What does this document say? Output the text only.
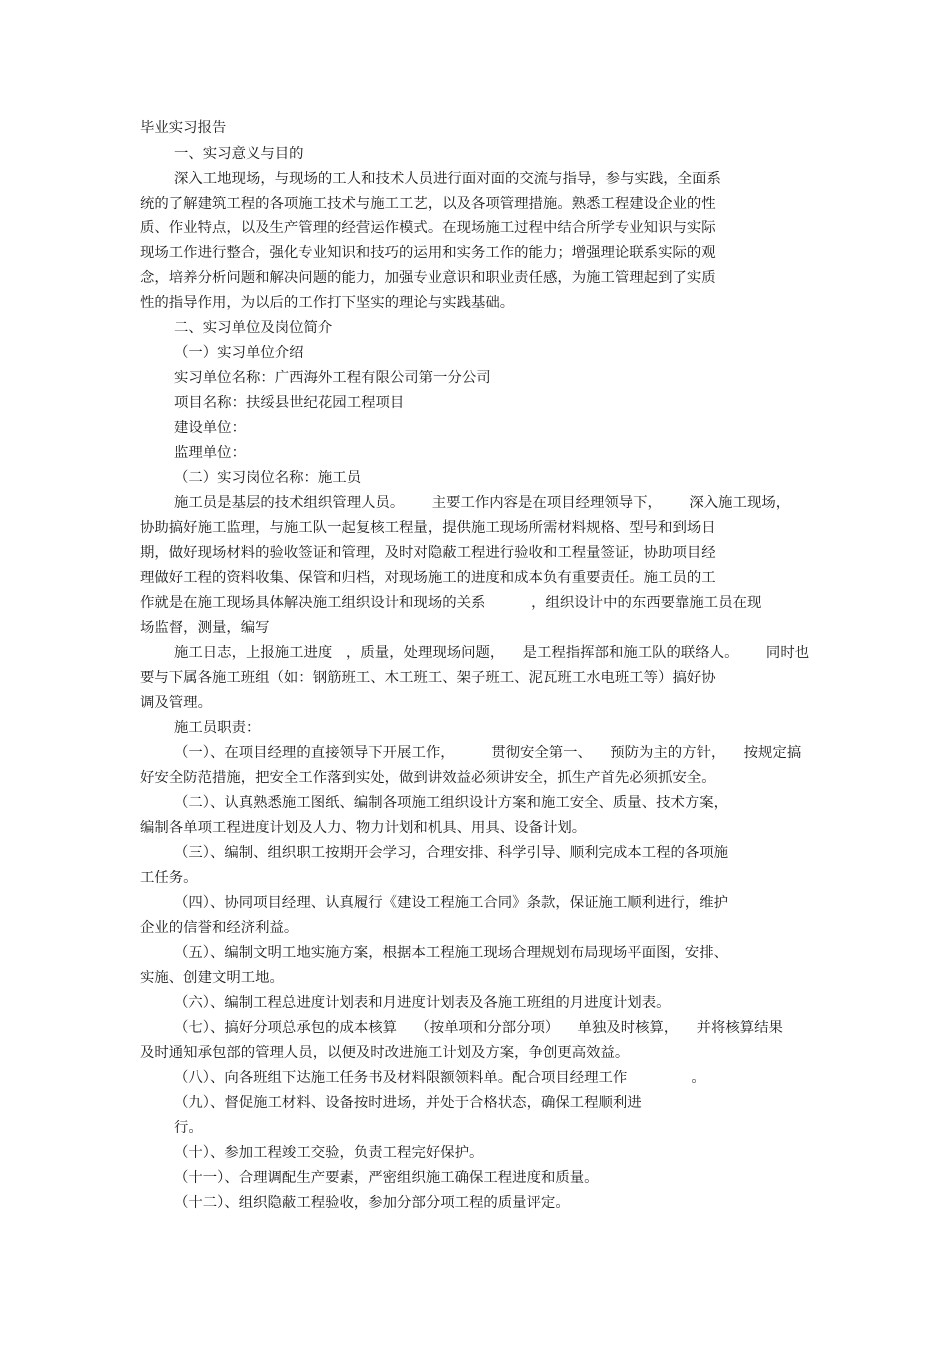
毕业实习报告
一、实习意义与目的
深入工地现场，与现场的工人和技术人员进行面对面的交流与指导，参与实践，全面系
统的了解建筑工程的各项施工技术与施工工艺，以及各项管理措施。熟悉工程建设企业的性
质、作业特点，以及生产管理的经营运作模式。在现场施工过程中结合所学专业知识与实际
现场工作进行整合，强化专业知识和技巧的运用和实务工作的能力；增强理论联系实际的观
念，培养分析问题和解决问题的能力，加强专业意识和职业责任感，为施工管理起到了实质
性的指导作用，为以后的工作打下坚实的理论与实践基础。
二、实习单位及岗位简介
（一）实习单位介绍
实习单位名称：广西海外工程有限公司第一分公司
项目名称：扶绥县世纪花园工程项目
建设单位：
监理单位：
（二）实习岗位名称：施工员
施工员是基层的技术组织管理人员。      主要工作内容是在项目经理领导下，      深入施工现场，
协助搞好施工监理，与施工队一起复核工程量，提供施工现场所需材料规格、型号和到场日
期，做好现场材料的验收签证和管理，及时对隐蔽工程进行验收和工程量签证，协助项目经
理做好工程的资料收集、保管和归档，对现场施工的进度和成本负有重要责任。施工员的工
作就是在施工现场具体解决施工组织设计和现场的关系          ，组织设计中的东西要靠施工员在现
场监督，测量，编写
施工日志，上报施工进度   ，质量，处理现场问题，    是工程指挥部和施工队的联络人。      同时也
要与下属各施工班组（如：钢筋班工、木工班工、架子班工、泥瓦班工水电班工等）搞好协
调及管理。
施工员职责：
（一）、在项目经理的直接领导下开展工作，        贯彻安全第一、    预防为主的方针，    按规定搞
好安全防范措施，把安全工作落到实处，做到讲效益必须讲安全，抓生产首先必须抓安全。
（二）、认真熟悉施工图纸、编制各项施工组织设计方案和施工安全、质量、技术方案，
编制各单项工程进度计划及人力、物力计划和机具、用具、设备计划。
（三）、编制、组织职工按期开会学习，合理安排、科学引导、顺利完成本工程的各项施
工任务。
（四）、协同项目经理、认真履行《建设工程施工合同》条款，保证施工顺利进行，维护
企业的信誉和经济利益。
（五）、编制文明工地实施方案，根据本工程施工现场合理规划布局现场平面图，安排、
实施、创建文明工地。
（六）、编制工程总进度计划表和月进度计划表及各施工班组的月进度计划表。
（七）、搞好分项总承包的成本核算    （按单项和分部分项）    单独及时核算，    并将核算结果
及时通知承包部的管理人员，以便及时改进施工计划及方案，争创更高效益。
（八）、向各班组下达施工任务书及材料限额领料单。配合项目经理工作              。
（九）、督促施工材料、设备按时进场，并处于合格状态，确保工程顺利进
行。
（十）、参加工程竣工交验，负责工程完好保护。
（十一）、合理调配生产要素，严密组织施工确保工程进度和质量。
（十二）、组织隐蔽工程验收，参加分部分项工程的质量评定。
